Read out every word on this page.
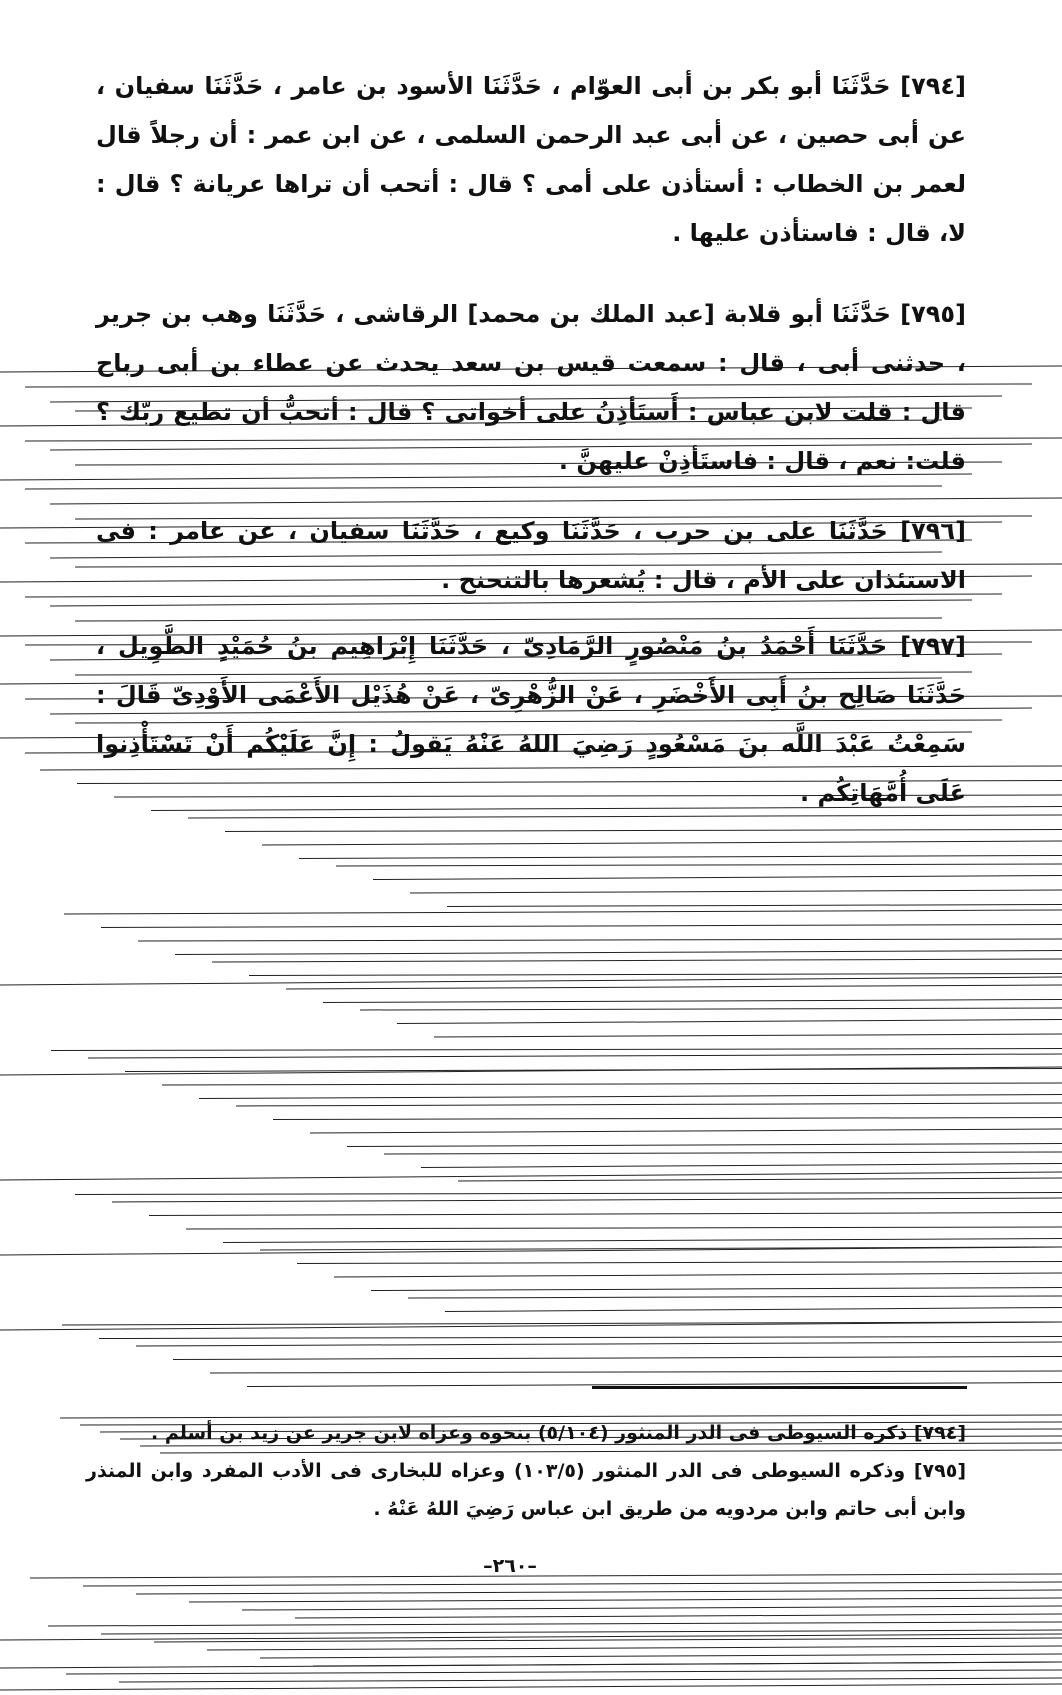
[٧٩٤] حَدَّثَنَا أبو بكر بن أبى العوّام ، حَدَّثَنَا الأسود بن عامر ، حَدَّثَنَا سفيان ، عن أبى حصين ، عن أبى عبد الرحمن السلمى ، عن ابن عمر : أن رجلاً قال لعمر بن الخطاب : أستأذن على أمى ؟ قال : أتحب أن تراها عريانة ؟ قال : لا، قال : فاستأذن عليها .
[٧٩٥] حَدَّثَنَا أبو قلابة [عبد الملك بن محمد] الرقاشى ، حَدَّثَنَا وهب بن جرير ، حدثنى أبى ، قال : سمعت قيس بن سعد يحدث عن عطاء بن أبى رباح قال : قلت لابن عباس : أَستَأذِنُ على أخواتى ؟ قال : أتحبُّ أن تطيع ربّك ؟ قلت: نعم ، قال : فاستَأذِنْ عليهنَّ .
[٧٩٦] حَدَّثَنَا على بن حرب ، حَدَّثَنَا وكيع ، حَدَّثَنَا سفيان ، عن عامر : فى الاستئذان على الأم ، قال : يُشعرها بالتنحنح .
[٧٩٧] حَدَّثَنَا أَحْمَدُ بنُ مَنْصُورٍ الرَّمَادِىّ ، حَدَّثَنَا إِبْرَاهِيم بنُ حُمَيْدٍ الطَّوِيل ، حَدَّثَنَا صَالِح بنُ أَبِى الأَخْضَرِ ، عَنْ الزُّهْرِىّ ، عَنْ هُذَيْل الأَعْمَى الأَوْدِىّ قَالَ : سَمِعْتُ عَبْدَ اللَّه بنَ مَسْعُودٍ رَضِيَ اللهُ عَنْهُ يَقولُ : إِنَّ عَلَيْكُم أَنْ تَسْتَأْذِنوا عَلَى أُمَّهَاتِكُم .
[٧٩٤] ذكره السيوطى فى الدر المنثور (٥/١٠٤) بنحوه وعزاه لابن جرير عن زيد بن أسلم .
[٧٩٥] وذكره السيوطى فى الدر المنثور (١٠٣/٥) وعزاه للبخارى فى الأدب المفرد وابن المنذر وابن أبى حاتم وابن مردويه من طريق ابن عباس رَضِيَ اللهُ عَنْهُ .
–٢٦٠–
